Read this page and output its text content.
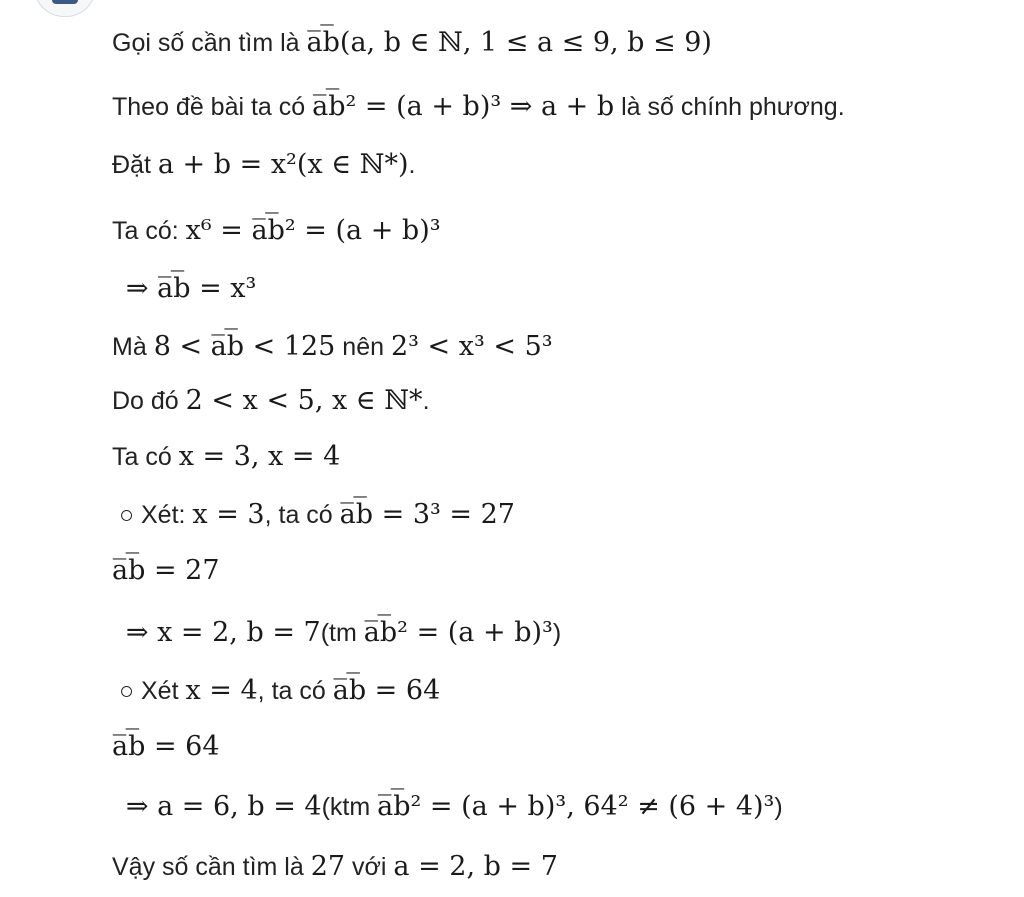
Gọi số cần tìm là a̅b̅(a, b ∈ ℕ, 1 ≤ a ≤ 9, b ≤ 9)
Theo đề bài ta có a̅b̅² = (a + b)³ ⇒ a + b là số chính phương.
Đặt a + b = x²(x ∈ ℕ*).
Ta có: x⁶ = a̅b̅² = (a + b)³
⇒ a̅b̅ = x³
Mà 8 < a̅b̅ < 125 nên 2³ < x³ < 5³
Do đó 2 < x < 5, x ∈ ℕ*.
Ta có x = 3, x = 4
○ Xét: x = 3, ta có a̅b̅ = 3³ = 27
a̅b̅ = 27
⇒ x = 2, b = 7(tm a̅b̅² = (a + b)³)
○ Xét x = 4, ta có a̅b̅ = 64
a̅b̅ = 64
⇒ a = 6, b = 4(ktm a̅b̅² = (a + b)³, 64² ≠ (6 + 4)³)
Vậy số cần tìm là 27 với a = 2, b = 7
